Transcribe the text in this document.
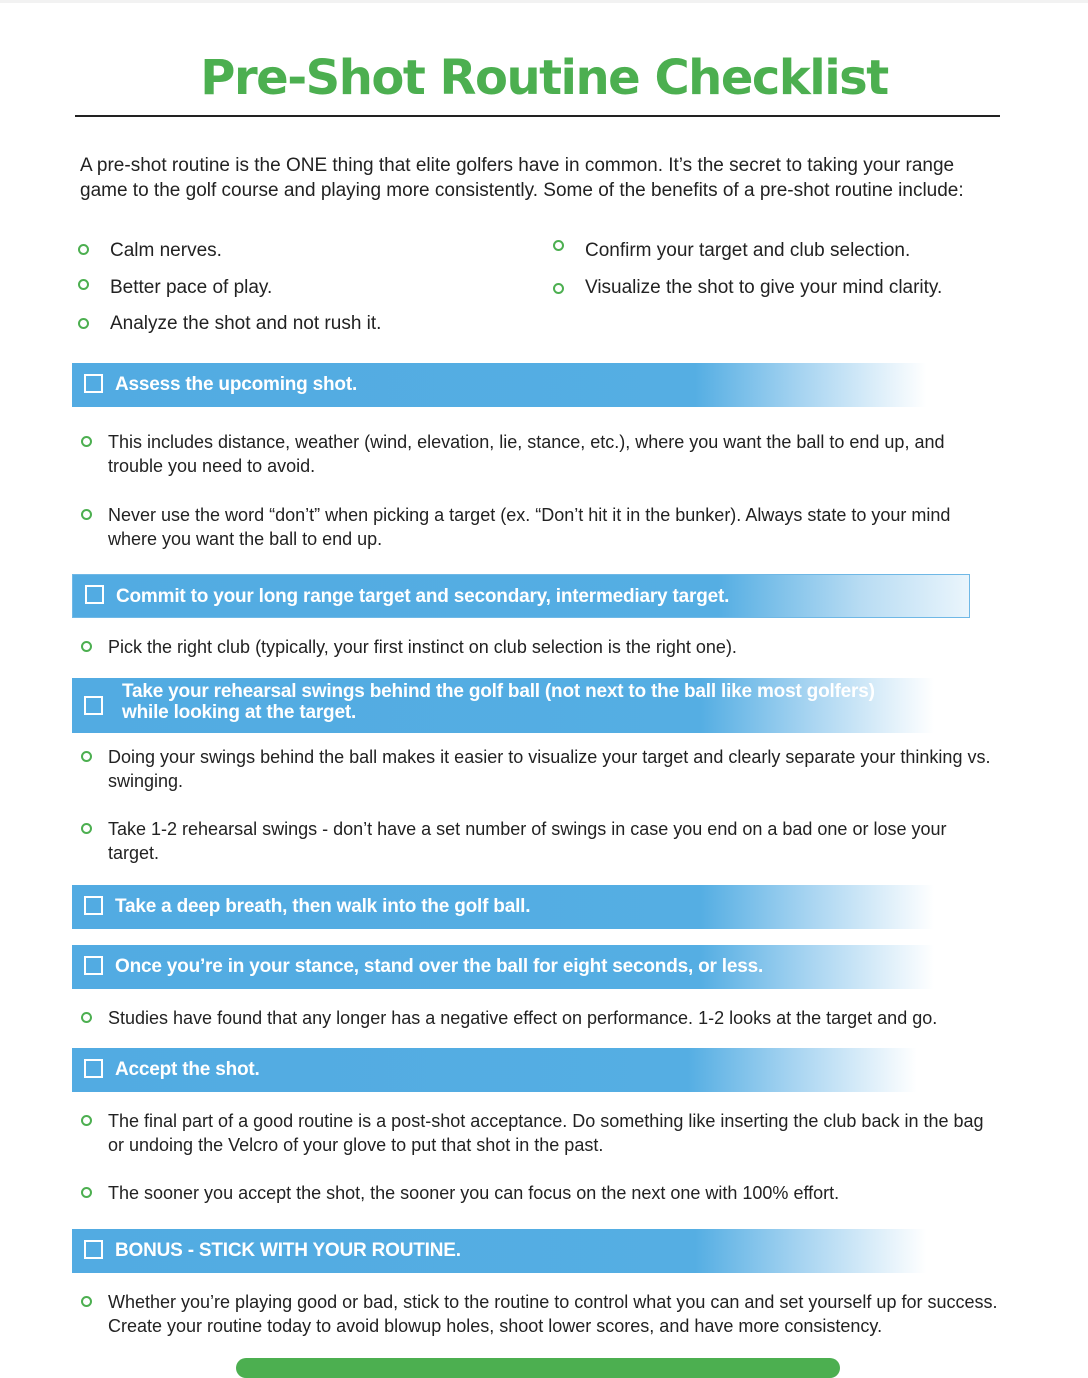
Pre-Shot Routine Checklist
A pre-shot routine is the ONE thing that elite golfers have in common. It’s the secret to taking your range game to the golf course and playing more consistently. Some of the benefits of a pre-shot routine include:
Calm nerves.
Better pace of play.
Analyze the shot and not rush it.
Confirm your target and club selection.
Visualize the shot to give your mind clarity.
Assess the upcoming shot.
This includes distance, weather (wind, elevation, lie, stance, etc.), where you want the ball to end up, and trouble you need to avoid.
Never use the word “don’t” when picking a target (ex. “Don’t hit it in the bunker). Always state to your mind where you want the ball to end up.
Commit to your long range target and secondary, intermediary target.
Pick the right club (typically, your first instinct on club selection is the right one).
Take your rehearsal swings behind the golf ball (not next to the ball like most golfers) while looking at the target.
Doing your swings behind the ball makes it easier to visualize your target and clearly separate your thinking vs. swinging.
Take 1-2 rehearsal swings - don’t have a set number of swings in case you end on a bad one or lose your target.
Take a deep breath, then walk into the golf ball.
Once you’re in your stance, stand over the ball for eight seconds, or less.
Studies have found that any longer has a negative effect on performance. 1-2 looks at the target and go.
Accept the shot.
The final part of a good routine is a post-shot acceptance. Do something like inserting the club back in the bag or undoing the Velcro of your glove to put that shot in the past.
The sooner you accept the shot, the sooner you can focus on the next one with 100% effort.
BONUS - STICK WITH YOUR ROUTINE.
Whether you’re playing good or bad, stick to the routine to control what you can and set yourself up for success. Create your routine today to avoid blowup holes, shoot lower scores, and have more consistency.
